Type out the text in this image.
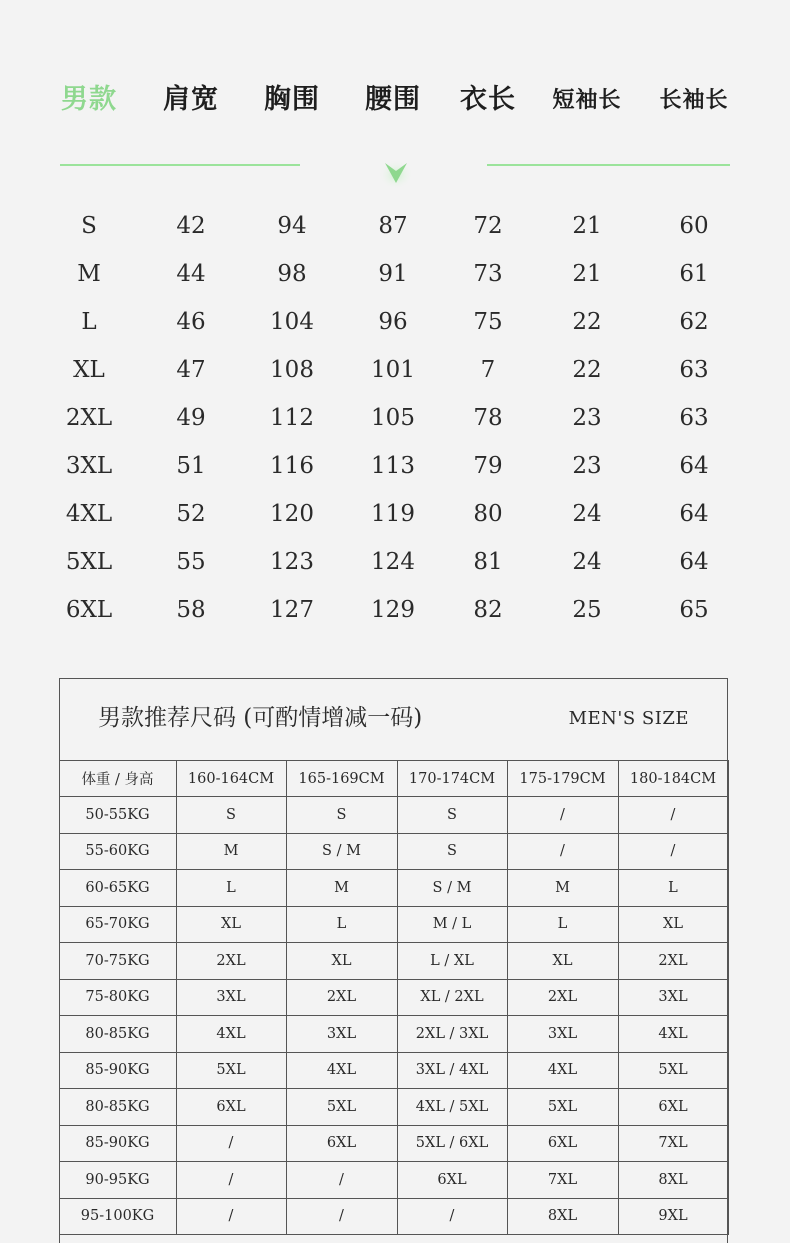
男款	肩宽	胸围	腰围	衣长	短袖长	长袖长
S	42	94	87	72	21	60
M	44	98	91	73	21	61
L	46	104	96	75	22	62
XL	47	108	101	7	22	63
2XL	49	112	105	78	23	63
3XL	51	116	113	79	23	64
4XL	52	120	119	80	24	64
5XL	55	123	124	81	24	64
6XL	58	127	129	82	25	65
男款推荐尺码 (可酌情增减一码)	MEN'S SIZE
体重 / 身高	160-164CM	165-169CM	170-174CM	175-179CM	180-184CM
50-55KG	S	S	S	/	/
55-60KG	M	S / M	S	/	/
60-65KG	L	M	S / M	M	L
65-70KG	XL	L	M / L	L	XL
70-75KG	2XL	XL	L / XL	XL	2XL
75-80KG	3XL	2XL	XL / 2XL	2XL	3XL
80-85KG	4XL	3XL	2XL / 3XL	3XL	4XL
85-90KG	5XL	4XL	3XL / 4XL	4XL	5XL
80-85KG	6XL	5XL	4XL / 5XL	5XL	6XL
85-90KG	/	6XL	5XL / 6XL	6XL	7XL
90-95KG	/	/	6XL	7XL	8XL
95-100KG	/	/	/	8XL	9XL
